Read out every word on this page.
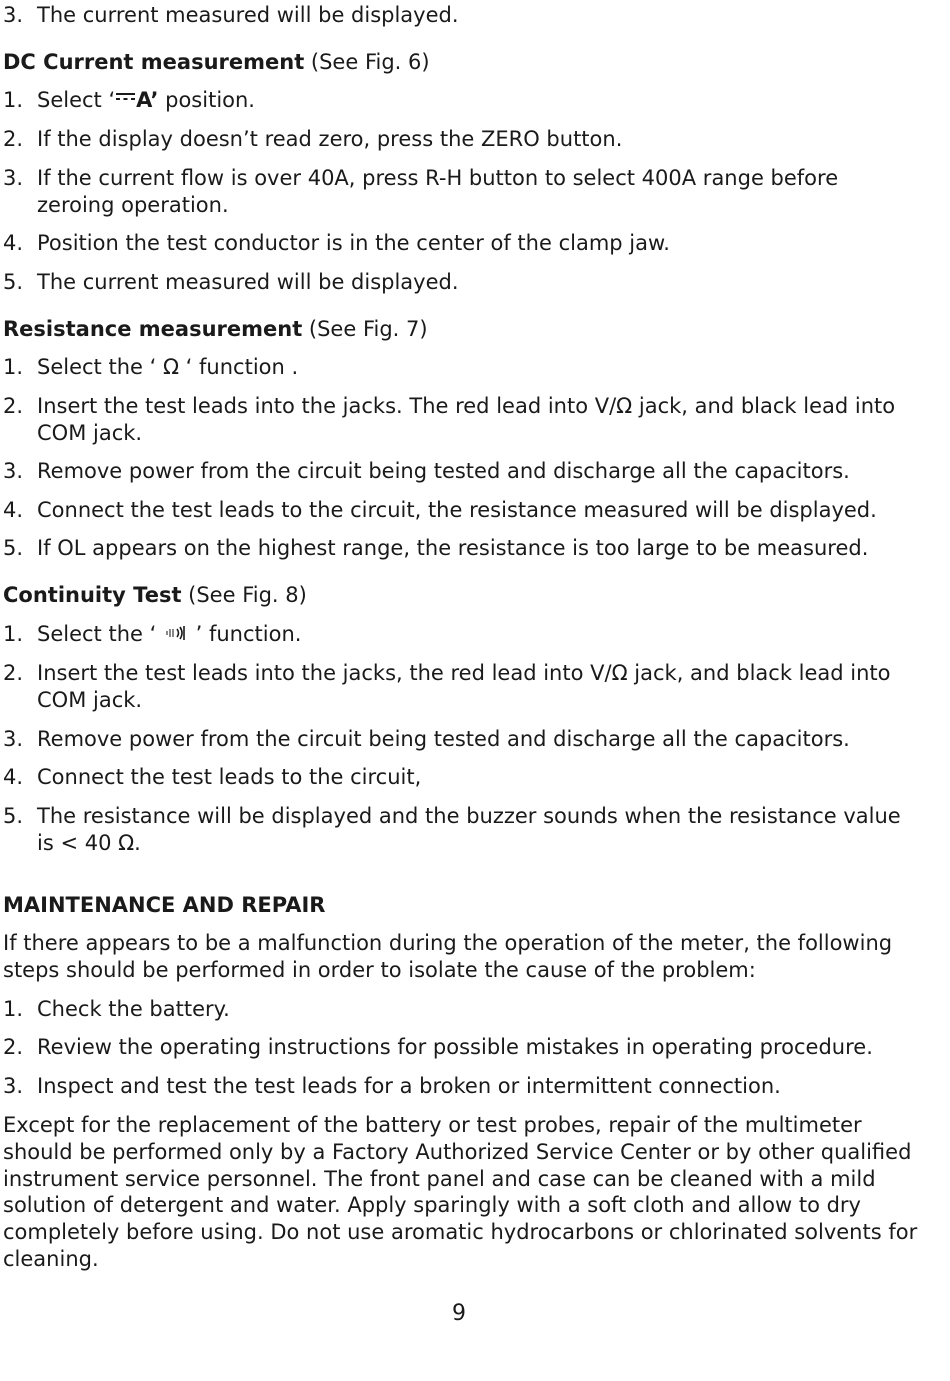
3. The current measured will be displayed.
DC Current measurement (See Fig. 6)
1. Select ‘ A’ position.
2. If the display doesn’t read zero, press the ZERO button.
3. If the current flow is over 40A, press R-H button to select 400A range before zeroing operation.
4. Position the test conductor is in the center of the clamp jaw.
5. The current measured will be displayed.
Resistance measurement (See Fig. 7)
1. Select the ‘ Ω ‘ function .
2. Insert the test leads into the jacks. The red lead into V/Ω jack, and black lead into COM jack.
3. Remove power from the circuit being tested and discharge all the capacitors.
4. Connect the test leads to the circuit, the resistance measured will be displayed.
5. If OL appears on the highest range, the resistance is too large to be measured.
Continuity Test (See Fig. 8)
1. Select the ‘  ’ function.
2. Insert the test leads into the jacks, the red lead into V/Ω jack, and black lead into COM jack.
3. Remove power from the circuit being tested and discharge all the capacitors.
4. Connect the test leads to the circuit,
5. The resistance will be displayed and the buzzer sounds when the resistance value is < 40 Ω.
MAINTENANCE AND REPAIR
If there appears to be a malfunction during the operation of the meter, the following steps should be performed in order to isolate the cause of the problem:
1. Check the battery.
2. Review the operating instructions for possible mistakes in operating procedure.
3. Inspect and test the test leads for a broken or intermittent connection.
Except for the replacement of the battery or test probes, repair of the multimeter should be performed only by a Factory Authorized Service Center or by other qualified instrument service personnel. The front panel and case can be cleaned with a mild solution of detergent and water. Apply sparingly with a soft cloth and allow to dry completely before using. Do not use aromatic hydrocarbons or chlorinated solvents for cleaning.
9
